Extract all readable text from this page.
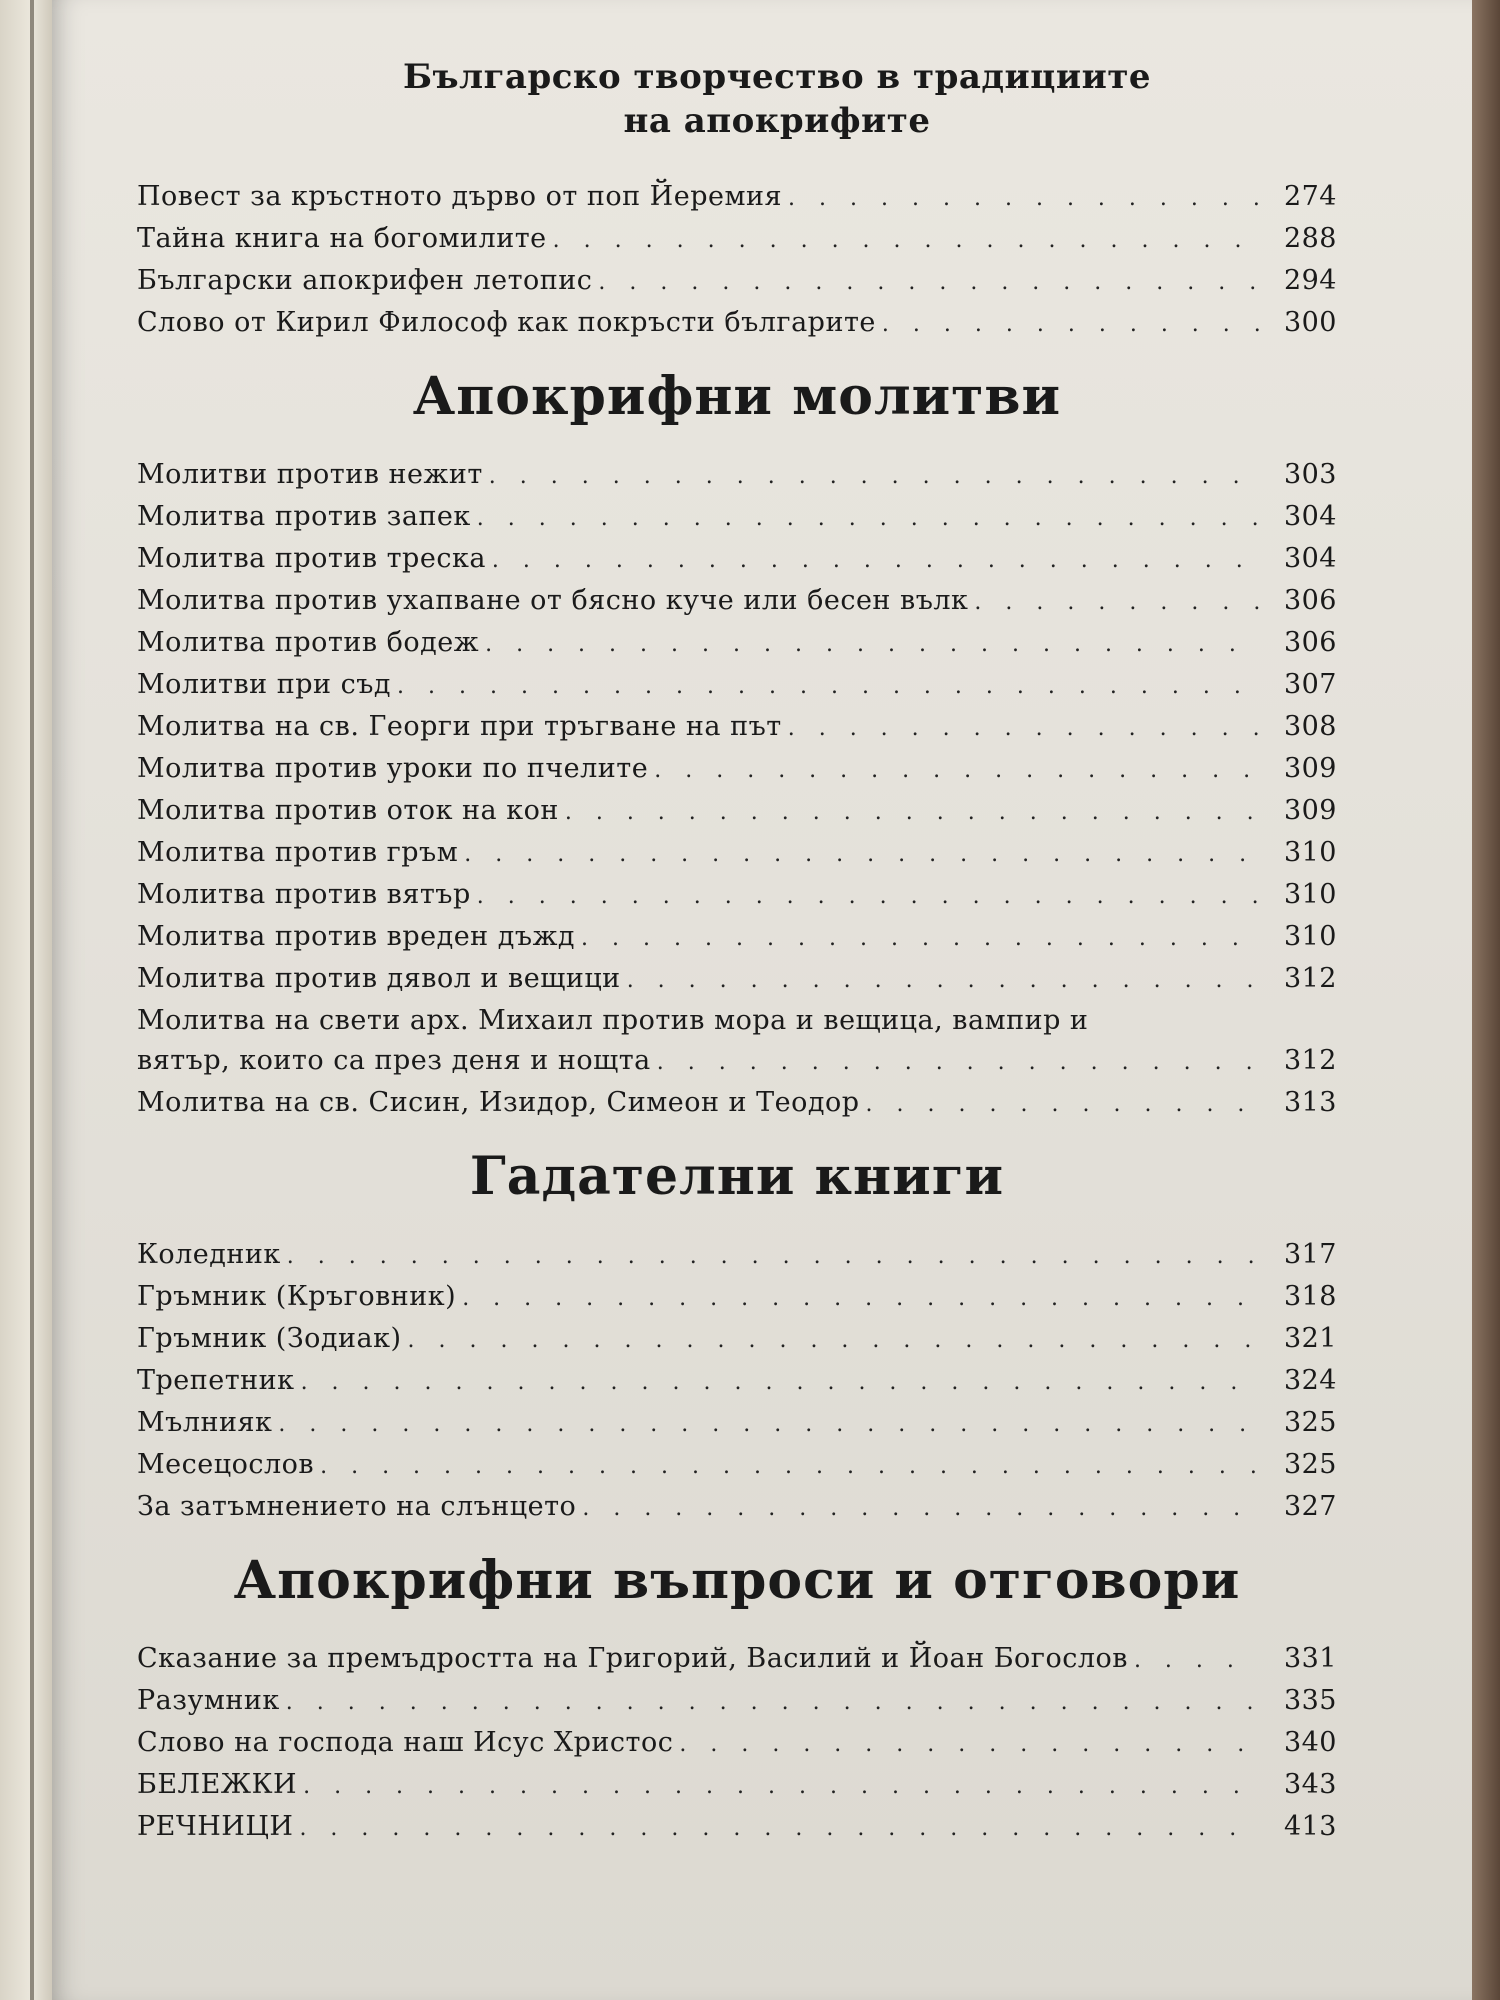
Българско творчество в традициите
на апокрифите
Повест за кръстното дърво от поп Йеремия .....	274
Тайна книга на богомилите .....	288
Български апокрифен летопис .....	294
Слово от Кирил Философ как покръсти българите .....	300
Апокрифни молитви
Молитви против нежит .....	303
Молитва против запек .....	304
Молитва против треска .....	304
Молитва против ухапване от бясно куче или бесен вълк .....	306
Молитва против бодеж .....	306
Молитви при съд .....	307
Молитва на св. Георги при тръгване на път .....	308
Молитва против уроки по пчелите .....	309
Молитва против оток на кон .....	309
Молитва против гръм .....	310
Молитва против вятър .....	310
Молитва против вреден дъжд .....	310
Молитва против дявол и вещици .....	312
Молитва на свети арх. Михаил против мора и вещица, вампир и
вятър, които са през деня и нощта .....	312
Молитва на св. Сисин, Изидор, Симеон и Теодор .....	313
Гадателни книги
Коледник .....	317
Гръмник (Кръговник) .....	318
Гръмник (Зодиак) .....	321
Трепетник .....	324
Мълнияк .....	325
Месецослов .....	325
За затъмнението на слънцето .....	327
Апокрифни въпроси и отговори
Сказание за премъдростта на Григорий, Василий и Йоан Богослов .....	331
Разумник .....	335
Слово на господа наш Исус Христос .....	340
БЕЛЕЖКИ .....	343
РЕЧНИЦИ .....	413
